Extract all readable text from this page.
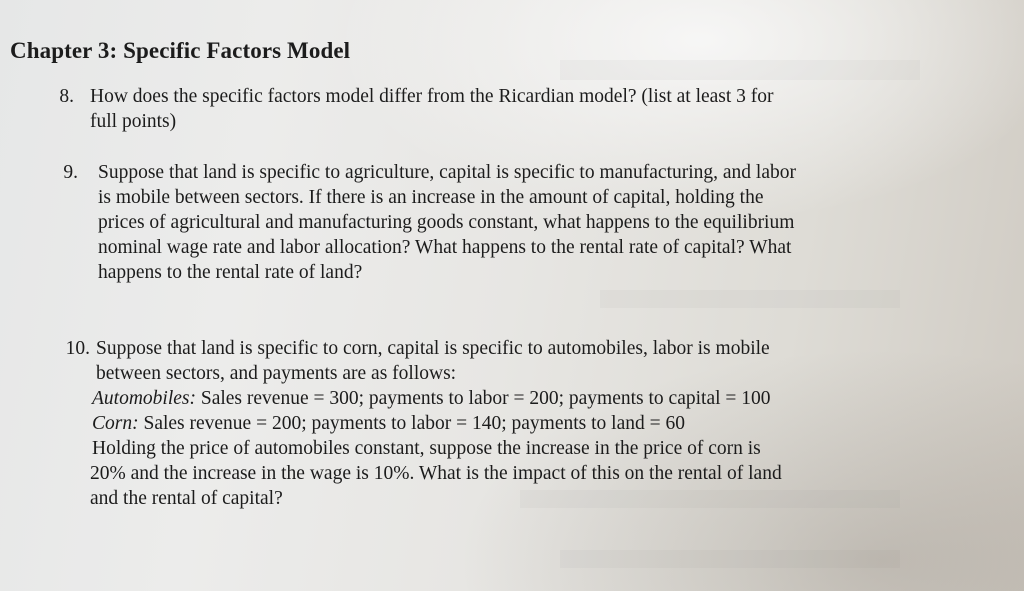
Chapter 3: Specific Factors Model
8. How does the specific factors model differ from the Ricardian model? (list at least 3 for
full points)
9. Suppose that land is specific to agriculture, capital is specific to manufacturing, and labor
is mobile between sectors. If there is an increase in the amount of capital, holding the
prices of agricultural and manufacturing goods constant, what happens to the equilibrium
nominal wage rate and labor allocation? What happens to the rental rate of capital? What
happens to the rental rate of land?
10. Suppose that land is specific to corn, capital is specific to automobiles, labor is mobile
between sectors, and payments are as follows:
Automobiles: Sales revenue = 300; payments to labor = 200; payments to capital = 100
Corn: Sales revenue = 200; payments to labor = 140; payments to land = 60
Holding the price of automobiles constant, suppose the increase in the price of corn is
20% and the increase in the wage is 10%. What is the impact of this on the rental of land
and the rental of capital?
